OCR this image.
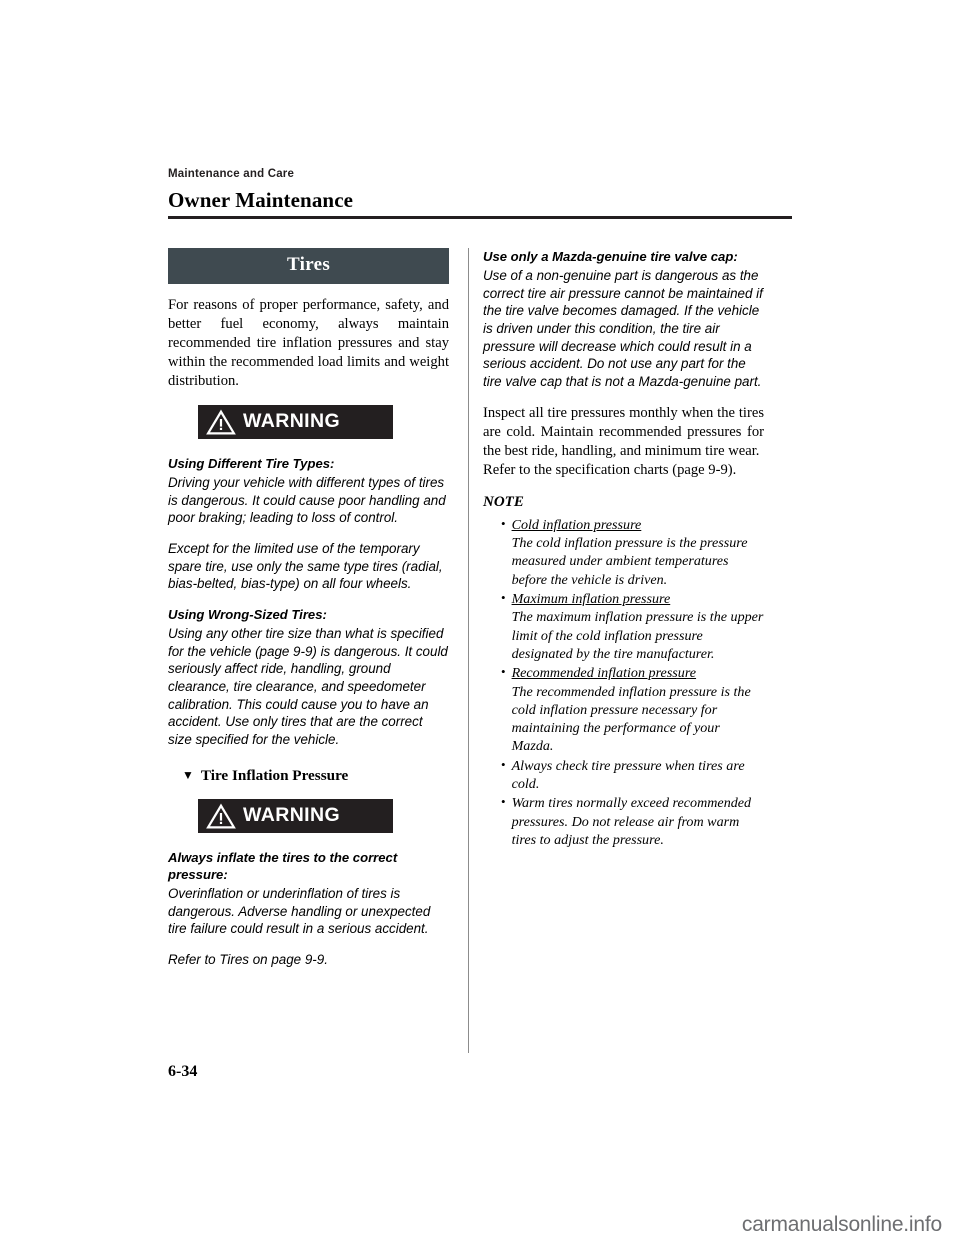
Maintenance and Care
Owner Maintenance
Tires

For reasons of proper performance, safety, and better fuel economy, always maintain recommended tire inflation pressures and stay within the recommended load limits and weight distribution.

WARNING
Using Different Tire Types:

Driving your vehicle with different types of tires is dangerous. It could cause poor handling and poor braking; leading to loss of control.

Except for the limited use of the temporary spare tire, use only the same type tires (radial, bias-belted, bias-type) on all four wheels.

Using Wrong-Sized Tires:

Using any other tire size than what is specified for the vehicle (page 9-9) is dangerous. It could seriously affect ride, handling, ground clearance, tire clearance, and speedometer calibration. This could cause you to have an accident. Use only tires that are the correct size specified for the vehicle.

▼ Tire Inflation Pressure
WARNING
Always inflate the tires to the correct pressure:

Overinflation or underinflation of tires is dangerous. Adverse handling or unexpected tire failure could result in a serious accident.

Refer to Tires on page 9-9.

Use only a Mazda-genuine tire valve cap:

Use of a non-genuine part is dangerous as the correct tire air pressure cannot be maintained if the tire valve becomes damaged. If the vehicle is driven under this condition, the tire air pressure will decrease which could result in a serious accident. Do not use any part for the tire valve cap that is not a Mazda-genuine part.

Inspect all tire pressures monthly when the tires are cold. Maintain recommended pressures for the best ride, handling, and minimum tire wear.

Refer to the specification charts (page 9-9).

NOTE
• Cold inflation pressure
The cold inflation pressure is the pressure measured under ambient temperatures before the vehicle is driven.
• Maximum inflation pressure
The maximum inflation pressure is the upper limit of the cold inflation pressure designated by the tire manufacturer.
• Recommended inflation pressure
The recommended inflation pressure is the cold inflation pressure necessary for maintaining the performance of your Mazda.
• Always check tire pressure when tires are cold.
• Warm tires normally exceed recommended pressures. Do not release air from warm tires to adjust the pressure.
6-34
carmanualsonline.info
